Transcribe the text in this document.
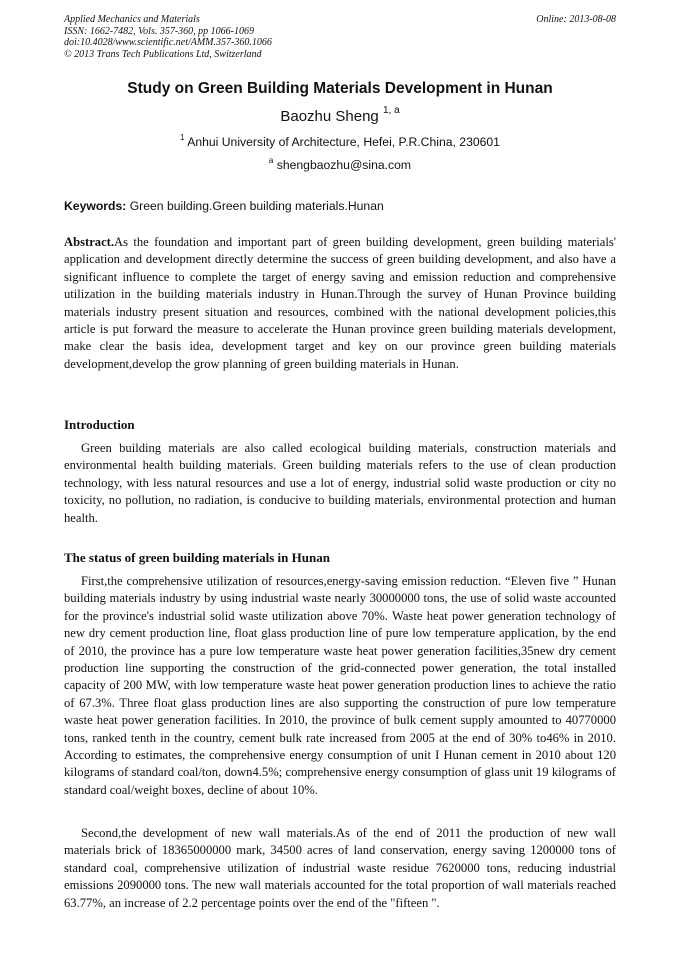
Applied Mechanics and Materials
ISSN: 1662-7482, Vols. 357-360, pp 1066-1069
doi:10.4028/www.scientific.net/AMM.357-360.1066
© 2013 Trans Tech Publications Ltd, Switzerland
Online: 2013-08-08
Study on Green Building Materials Development in Hunan
Baozhu Sheng $^{1, a}$
$^1$ Anhui University of Architecture, Hefei, P.R.China, 230601
$^a$ shengbaozhu@sina.com
Keywords: Green building.Green building materials.Hunan
Abstract.As the foundation and important part of green building development, green building materials' application and development directly determine the success of green building development, and also have a significant influence to complete the target of energy saving and emission reduction and comprehensive utilization in the building materials industry in Hunan.Through the survey of Hunan Province building materials industry present situation and resources, combined with the national development policies,this article is put forward the measure to accelerate the Hunan province green building materials development, make clear the basis idea, development target and key on our province green building materials development,develop the grow planning of green building materials in Hunan.
Introduction
Green building materials are also called ecological building materials, construction materials and environmental health building materials. Green building materials refers to the use of clean production technology, with less natural resources and use a lot of energy, industrial solid waste production or city no toxicity, no pollution, no radiation, is conducive to building materials, environmental protection and human health.
The status of green building materials in Hunan
First,the comprehensive utilization of resources,energy-saving emission reduction. “Eleven five ” Hunan building materials industry by using industrial waste nearly 30000000 tons, the use of solid waste accounted for the province's industrial solid waste utilization above 70%. Waste heat power generation technology of new dry cement production line, float glass production line of pure low temperature application, by the end of 2010, the province has a pure low temperature waste heat power generation facilities,35new dry cement production line supporting the construction of the grid-connected power generation, the total installed capacity of 200 MW, with low temperature waste heat power generation production lines to achieve the ratio of 67.3%. Three float glass production lines are also supporting the construction of pure low temperature waste heat power generation facilities. In 2010, the province of bulk cement supply amounted to 40770000 tons, ranked tenth in the country, cement bulk rate increased from 2005 at the end of 30% to46% in 2010. According to estimates, the comprehensive energy consumption of unit I Hunan cement in 2010 about 120 kilograms of standard coal/ton, down4.5%; comprehensive energy consumption of glass unit 19 kilograms of standard coal/weight boxes, decline of about 10%.
Second,the development of new wall materials.As of the end of 2011 the production of new wall materials brick of 18365000000 mark, 34500 acres of land conservation, energy saving 1200000 tons of standard coal, comprehensive utilization of industrial waste residue 7620000 tons, reducing industrial emissions 2090000 tons. The new wall materials accounted for the total proportion of wall materials reached 63.77%, an increase of 2.2 percentage points over the end of the "fifteen ".
